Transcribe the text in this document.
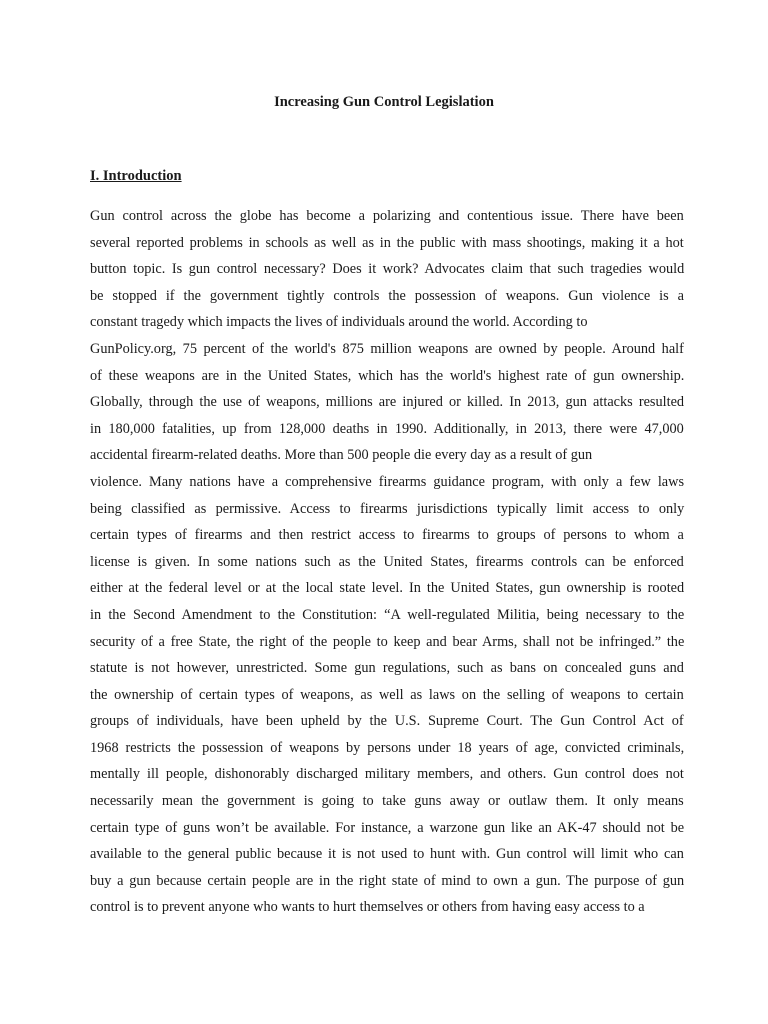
Increasing Gun Control Legislation
I. Introduction
Gun control across the globe has become a polarizing and contentious issue. There have been
several reported problems in schools as well as in the public with mass shootings, making it a hot
button topic. Is gun control necessary? Does it work? Advocates claim that such tragedies would
be stopped if the government tightly controls the possession of weapons. Gun violence is a
constant tragedy which impacts the lives of individuals around the world. According to
GunPolicy.org, 75 percent of the world's 875 million weapons are owned by people. Around half
of these weapons are in the United States, which has the world's highest rate of gun ownership.
Globally, through the use of weapons, millions are injured or killed. In 2013, gun attacks resulted
in 180,000 fatalities, up from 128,000 deaths in 1990. Additionally, in 2013, there were 47,000
accidental firearm-related deaths. More than 500 people die every day as a result of gun
violence. Many nations have a comprehensive firearms guidance program, with only a few laws
being classified as permissive. Access to firearms jurisdictions typically limit access to only
certain types of firearms and then restrict access to firearms to groups of persons to whom a
license is given. In some nations such as the United States, firearms controls can be enforced
either at the federal level or at the local state level. In the United States, gun ownership is rooted
in the Second Amendment to the Constitution: “A well-regulated Militia, being necessary to the
security of a free State, the right of the people to keep and bear Arms, shall not be infringed.” the
statute is not however, unrestricted. Some gun regulations, such as bans on concealed guns and
the ownership of certain types of weapons, as well as laws on the selling of weapons to certain
groups of individuals, have been upheld by the U.S. Supreme Court. The Gun Control Act of
1968 restricts the possession of weapons by persons under 18 years of age, convicted criminals,
mentally ill people, dishonorably discharged military members, and others. Gun control does not
necessarily mean the government is going to take guns away or outlaw them. It only means
certain type of guns won’t be available. For instance, a warzone gun like an AK-47 should not be
available to the general public because it is not used to hunt with. Gun control will limit who can
buy a gun because certain people are in the right state of mind to own a gun. The purpose of gun
control is to prevent anyone who wants to hurt themselves or others from having easy access to a
